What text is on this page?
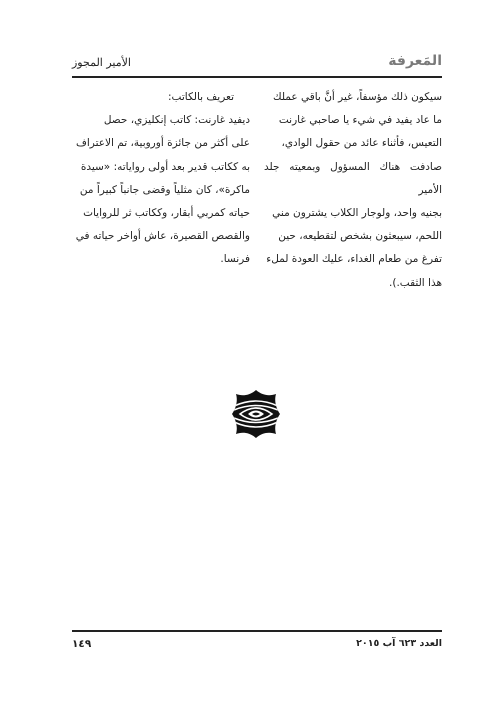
المَعرفة
الأمير المجوز

سيكون ذلك مؤسفاً، غير أنَّ باقي عملك

ما عاد يفيد في شيء يا صاحبي غارنت

التعيس، فأثناء عائد من حقول الوادي،

صادفت هناك المسؤول وبمعيته جلد الأمير

بجنيه واحد، ولوجار الكلاب يشترون مني

اللحم، سيبعثون بشخص لتقطيعه، حين

تفرغ من طعام الغداء، عليك العودة لملء

هذا الثقب.).

تعريف بالكاتب:

ديفيد غارنت: كاتب إنكليزي، حصل

على أكثر من جائزة أوروبية، تم الاعتراف

به ككاتب قدير بعد أولى رواياته: «سيدة

ماكرة»، كان مثلياً وقضى جانباً كبيراً من

حياته كمربي أبقار، وككاتب ثر للروايات

والقصص القصيرة، عاش أواخر حياته في

فرنسا.

العدد ٦٢٣ آب ٢٠١٥
١٤٩
